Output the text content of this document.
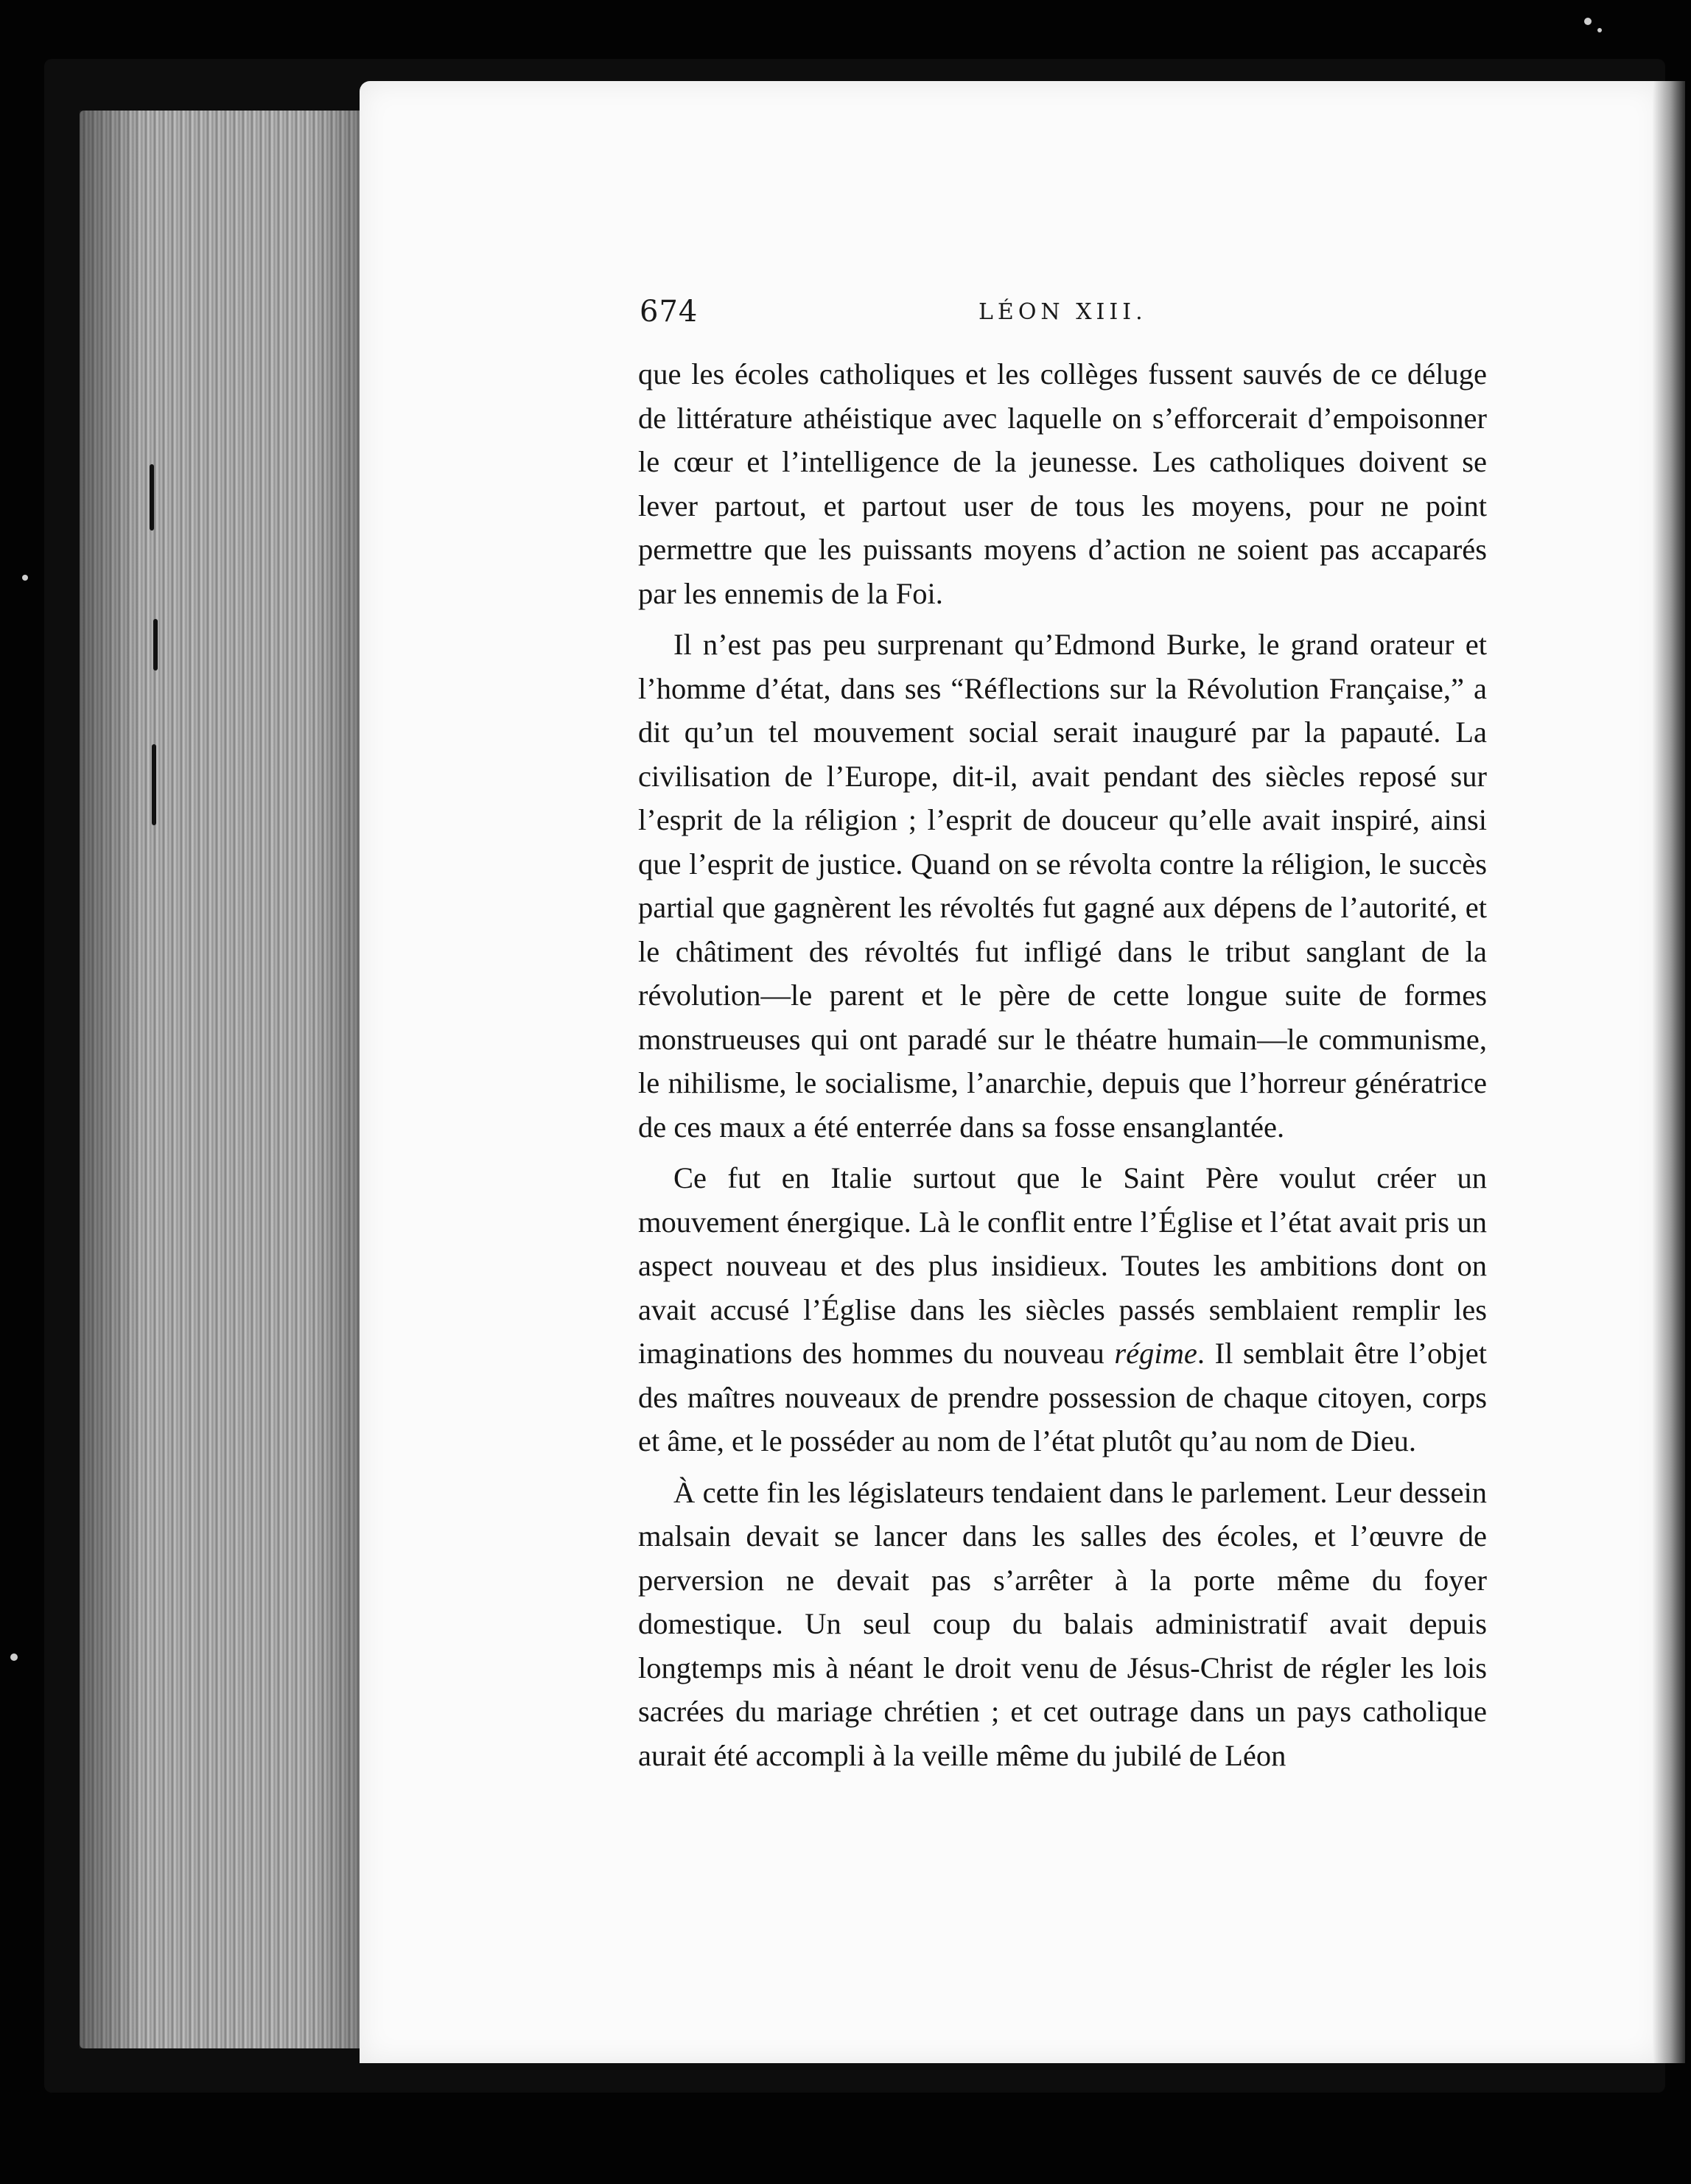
674	LÉON XIII.

que les écoles catholiques et les collèges fussent sauvés de ce déluge de littérature athéistique avec laquelle on s’efforcerait d’empoisonner le cœur et l’intelligence de la jeunesse. Les catholiques doivent se lever partout, et partout user de tous les moyens, pour ne point permettre que les puissants moyens d’action ne soient pas accaparés par les ennemis de la Foi.

Il n’est pas peu surprenant qu’Edmond Burke, le grand orateur et l’homme d’état, dans ses “Réflections sur la Révolution Française,” a dit qu’un tel mouvement social serait inauguré par la papauté. La civilisation de l’Europe, dit-il, avait pendant des siècles reposé sur l’esprit de la réligion ; l’esprit de douceur qu’elle avait inspiré, ainsi que l’esprit de justice. Quand on se révolta contre la réligion, le succès partial que gagnèrent les révoltés fut gagné aux dépens de l’autorité, et le châtiment des révoltés fut infligé dans le tribut sanglant de la révolution—le parent et le père de cette longue suite de formes monstrueuses qui ont paradé sur le théatre humain—le communisme, le nihilisme, le socialisme, l’anarchie, depuis que l’horreur génératrice de ces maux a été enterrée dans sa fosse ensanglantée.

Ce fut en Italie surtout que le Saint Père voulut créer un mouvement énergique. Là le conflit entre l’Église et l’état avait pris un aspect nouveau et des plus insidieux. Toutes les ambitions dont on avait accusé l’Église dans les siècles passés semblaient remplir les imaginations des hommes du nouveau régime. Il semblait être l’objet des maîtres nouveaux de prendre possession de chaque citoyen, corps et âme, et le posséder au nom de l’état plutôt qu’au nom de Dieu.

À cette fin les législateurs tendaient dans le parlement. Leur dessein malsain devait se lancer dans les salles des écoles, et l’œuvre de perversion ne devait pas s’arrêter à la porte même du foyer domestique. Un seul coup du balais administratif avait depuis longtemps mis à néant le droit venu de Jésus-Christ de régler les lois sacrées du mariage chrétien ; et cet outrage dans un pays catholique aurait été accompli à la veille même du jubilé de Léon
